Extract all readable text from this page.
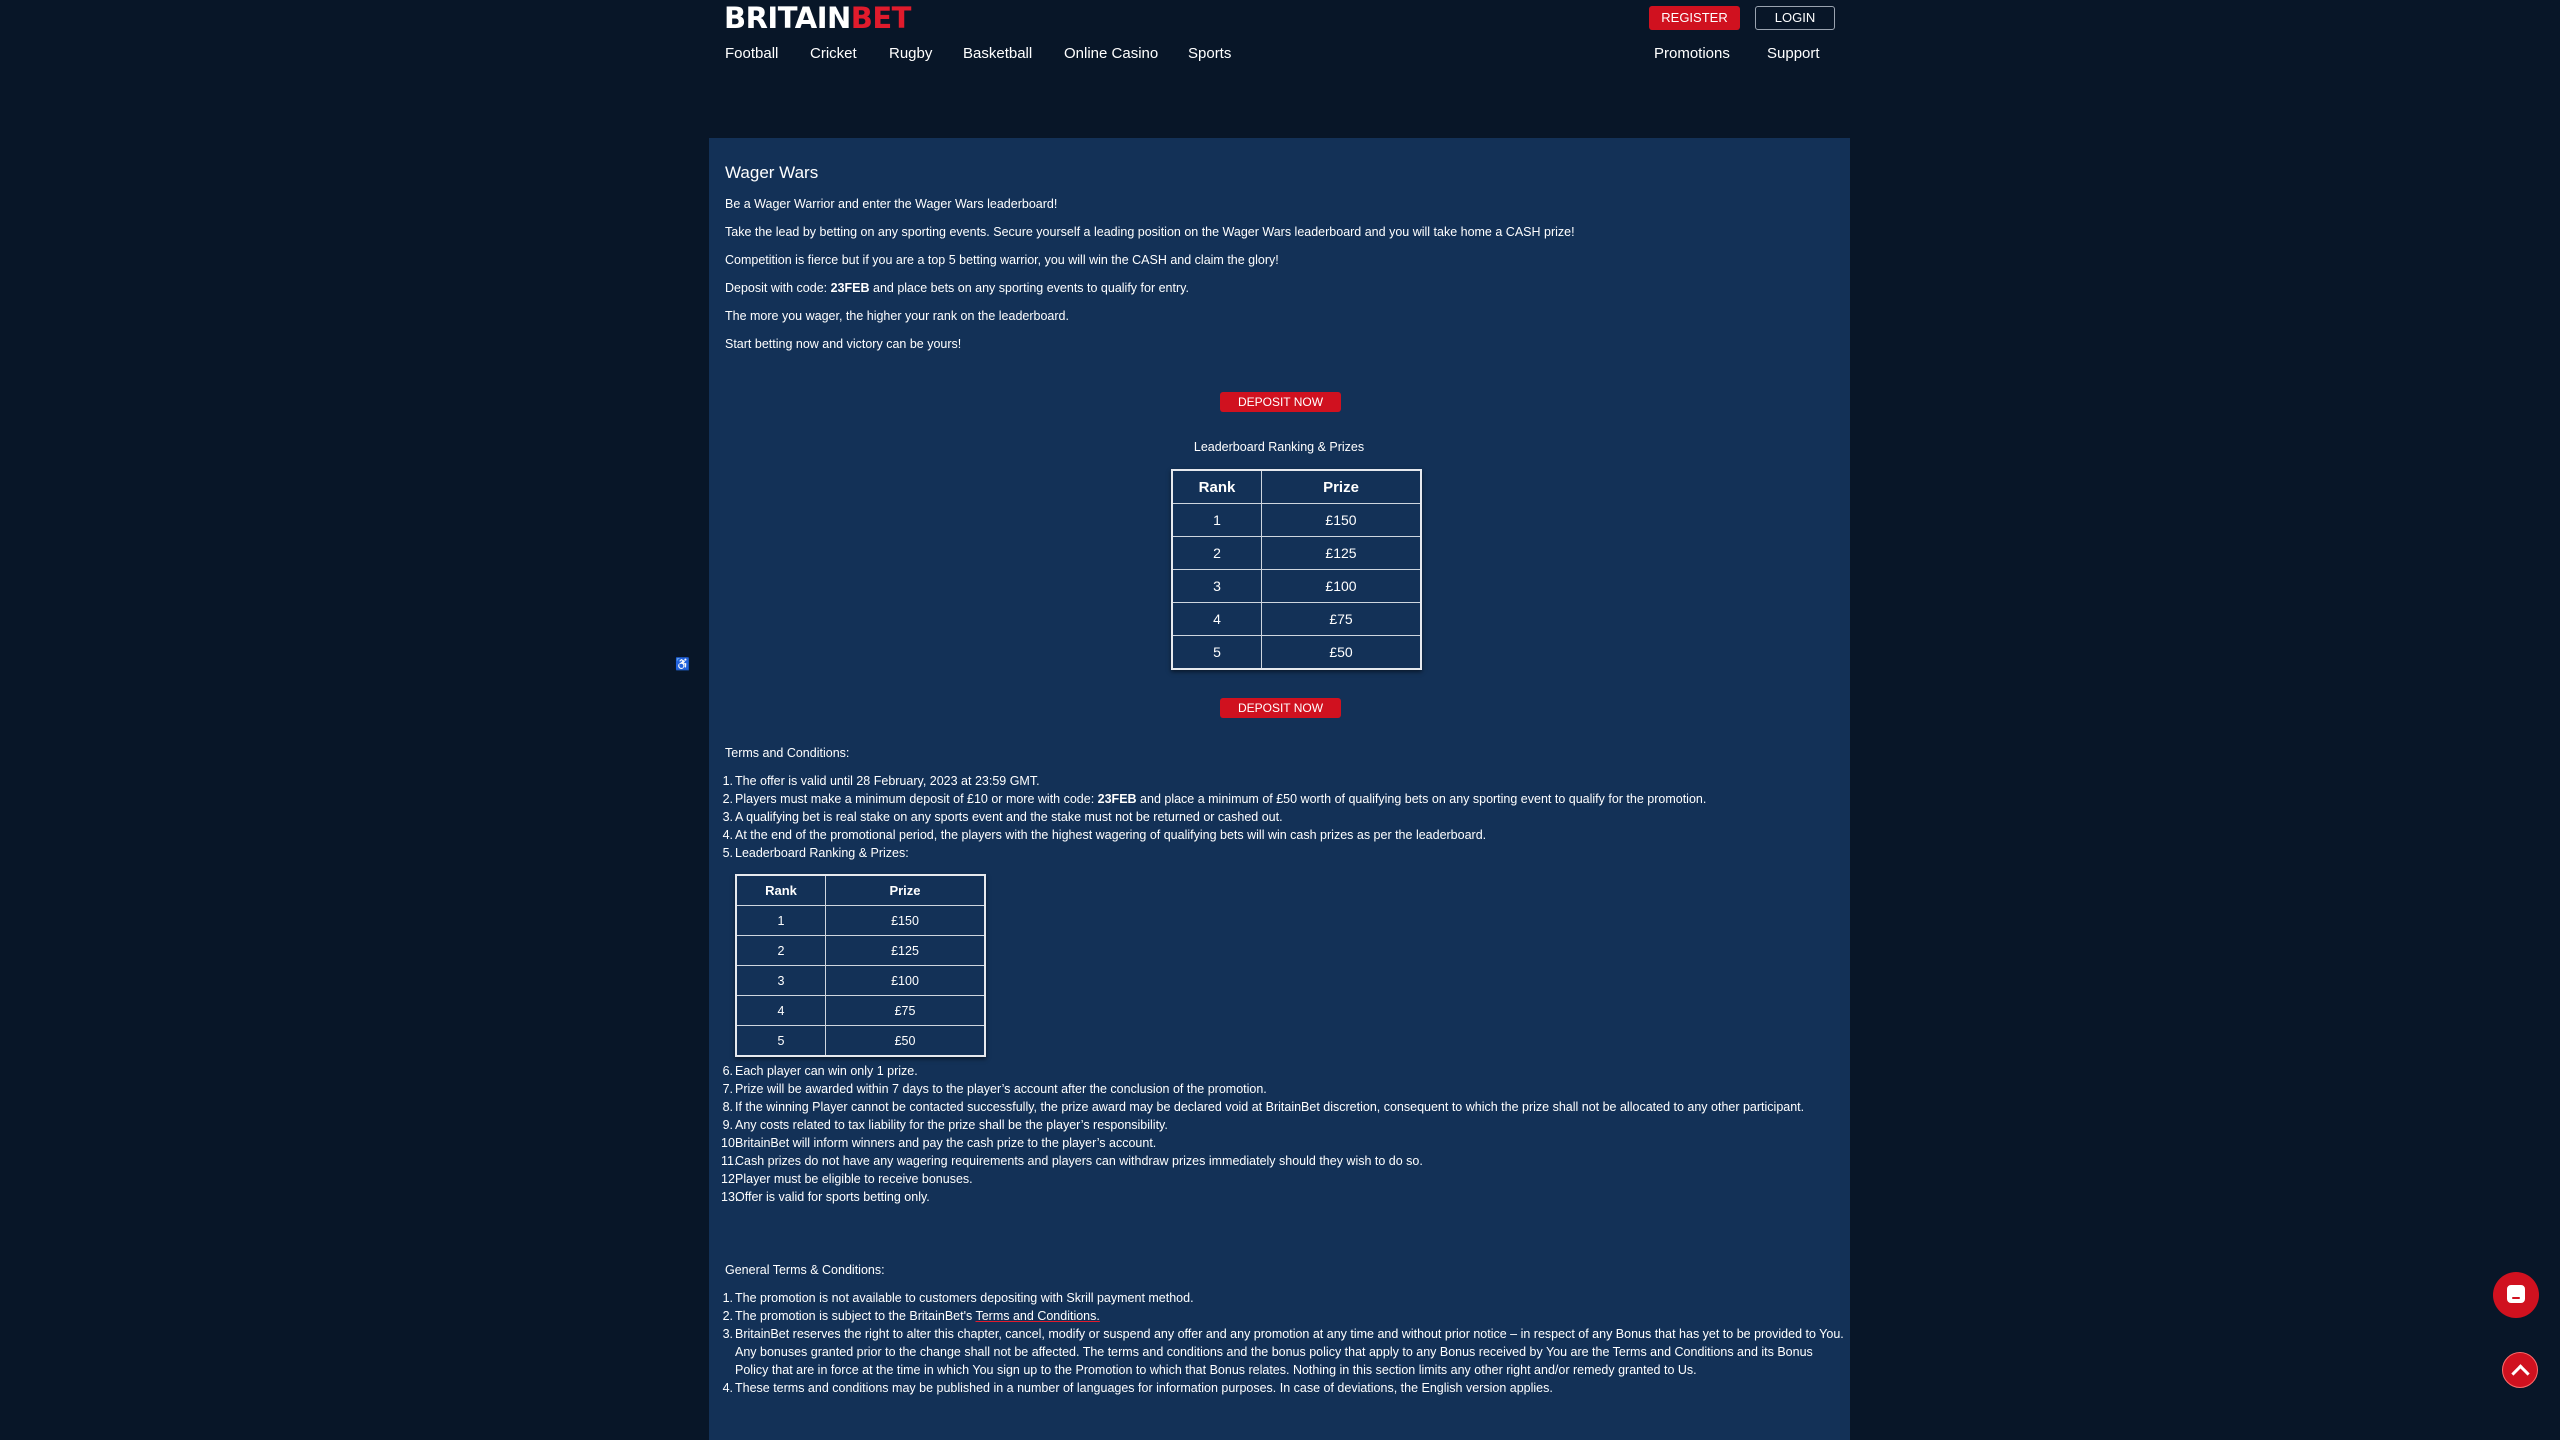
BRITAINBET	REGISTER	LOGIN
Football Cricket Rugby Basketball Online Casino Sports	Promotions Support
♿
Wager Wars
Be a Wager Warrior and enter the Wager Wars leaderboard!
Take the lead by betting on any sporting events. Secure yourself a leading position on the Wager Wars leaderboard and you will take home a CASH prize!
Competition is fierce but if you are a top 5 betting warrior, you will win the CASH and claim the glory!
Deposit with code: 23FEB and place bets on any sporting events to qualify for entry.
The more you wager, the higher your rank on the leaderboard.
Start betting now and victory can be yours!
DEPOSIT NOW
Leaderboard Ranking & Prizes
Rank	Prize
1	£150
2	£125
3	£100
4	£75
5	£50
DEPOSIT NOW
Terms and Conditions:
1. The offer is valid until 28 February, 2023 at 23:59 GMT.
2. Players must make a minimum deposit of £10 or more with code: 23FEB and place a minimum of £50 worth of qualifying bets on any sporting event to qualify for the promotion.
3. A qualifying bet is real stake on any sports event and the stake must not be returned or cashed out.
4. At the end of the promotional period, the players with the highest wagering of qualifying bets will win cash prizes as per the leaderboard.
5. Leaderboard Ranking & Prizes:
Rank	Prize
1	£150
2	£125
3	£100
4	£75
5	£50
6. Each player can win only 1 prize.
7. Prize will be awarded within 7 days to the player’s account after the conclusion of the promotion.
8. If the winning Player cannot be contacted successfully, the prize award may be declared void at BritainBet discretion, consequent to which the prize shall not be allocated to any other participant.
9. Any costs related to tax liability for the prize shall be the player’s responsibility.
10.
BritainBet will inform winners and pay the cash prize to the player’s account.
11.
Cash prizes do not have any wagering requirements and players can withdraw prizes immediately should they wish to do so.
12.
Player must be eligible to receive bonuses.
13.
Offer is valid for sports betting only.
General Terms & Conditions:
1. The promotion is not available to customers depositing with Skrill payment method.
2. The promotion is subject to the BritainBet's Terms and Conditions.
3. BritainBet reserves the right to alter this chapter, cancel, modify or suspend any offer and any promotion at any time and without prior notice – in respect of any Bonus that has yet to be provided to You. Any bonuses granted prior to the change shall not be affected. The terms and conditions and the bonus policy that apply to any Bonus received by You are the Terms and Conditions and its Bonus Policy that are in force at the time in which You sign up to the Promotion to which that Bonus relates. Nothing in this section limits any other right and/or remedy granted to Us.
4. These terms and conditions may be published in a number of languages for information purposes. In case of deviations, the English version applies.
